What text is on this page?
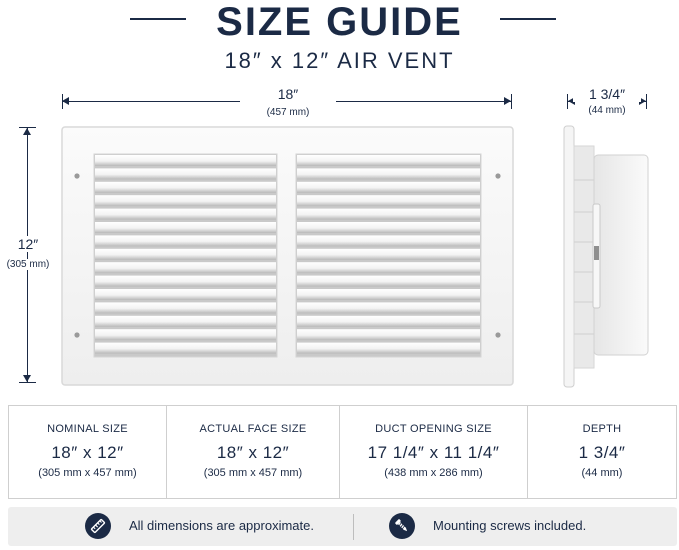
SIZE GUIDE
18″ x 12″ AIR VENT
18″
(457 mm)
12″
(305 mm)
1 3/4″
(44 mm)
NOMINAL SIZE
18″ x 12″
(305 mm x 457 mm)
ACTUAL FACE SIZE
18″ x 12″
(305 mm x 457 mm)
DUCT OPENING SIZE
17 1/4″ x 11 1/4″
(438 mm x 286 mm)
DEPTH
1 3/4″
(44 mm)
All dimensions are approximate.	Mounting screws included.
